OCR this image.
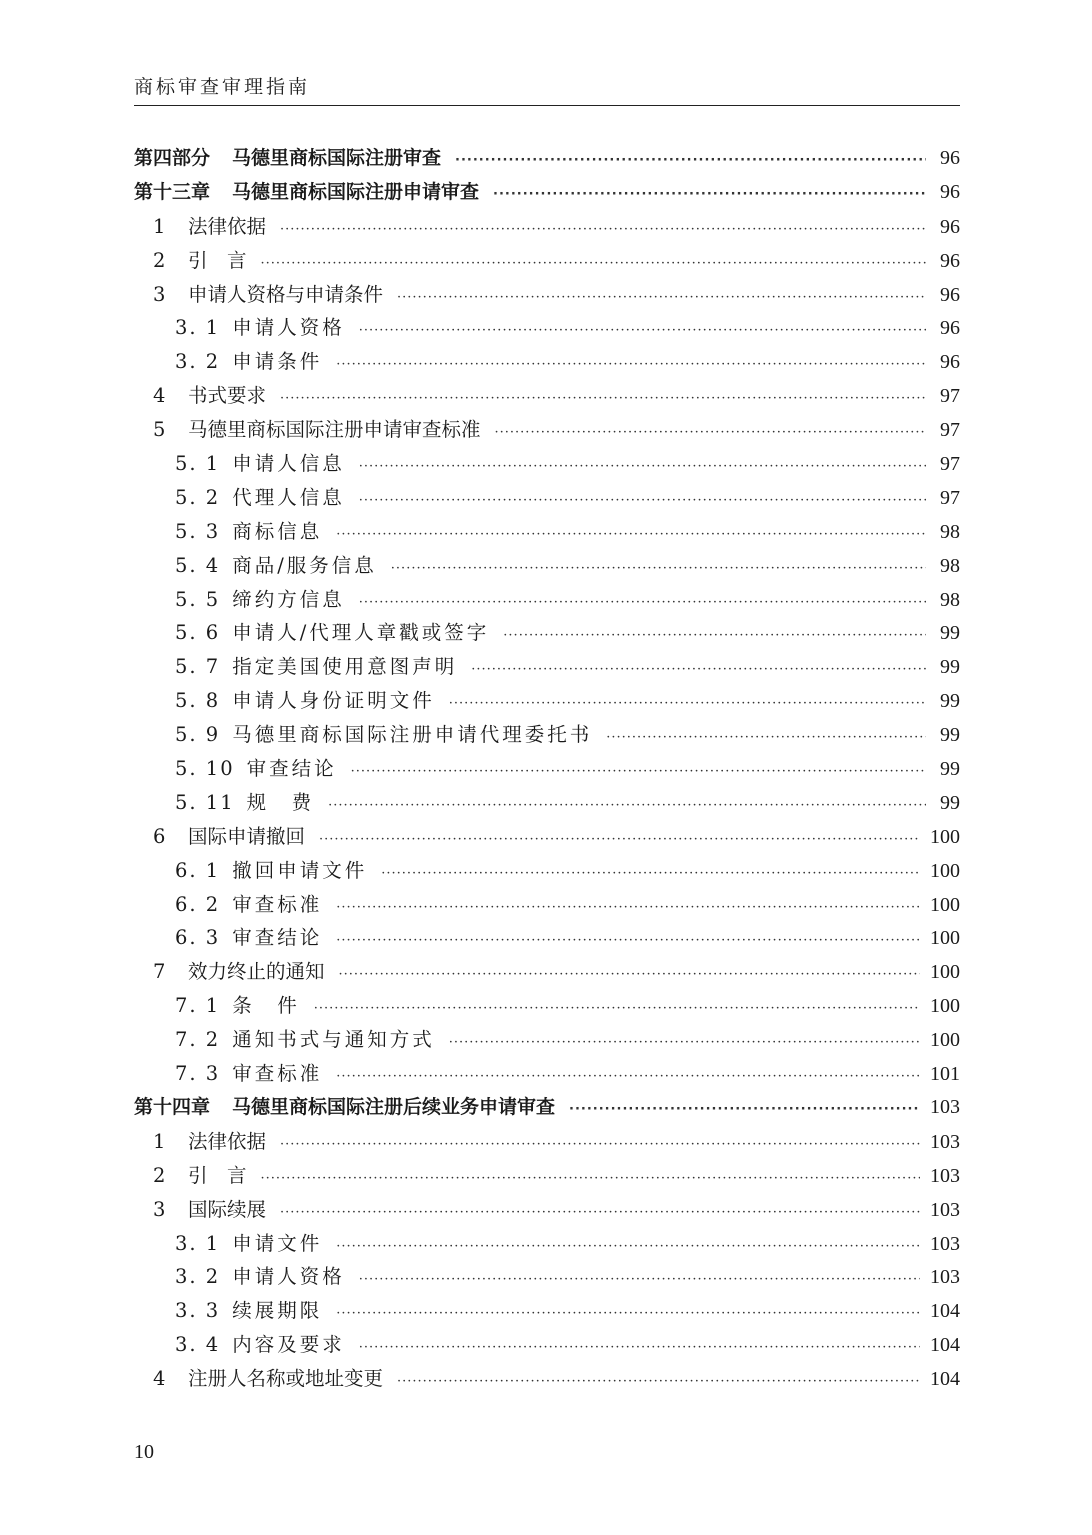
商标审查审理指南
第四部分	马德里商标国际注册审查 ·····	96
第十三章	马德里商标国际注册申请审查 ·····	96
1	法律依据 ·····	96
2	引　言 ·····	96
3	申请人资格与申请条件 ·····	96
3. 1 申请人资格 ·····	96
3. 2 申请条件 ·····	96
4	书式要求 ·····	97
5	马德里商标国际注册申请审查标准 ·····	97
5. 1 申请人信息 ·····	97
5. 2 代理人信息 ·····	97
5. 3 商标信息 ·····	98
5. 4 商品/服务信息 ·····	98
5. 5 缔约方信息 ·····	98
5. 6 申请人/代理人章戳或签字 ·····	99
5. 7 指定美国使用意图声明 ·····	99
5. 8 申请人身份证明文件 ·····	99
5. 9 马德里商标国际注册申请代理委托书 ·····	99
5. 10 审查结论 ·····	99
5. 11 规　费 ·····	99
6	国际申请撤回 ·····	100
6. 1 撤回申请文件 ·····	100
6. 2 审查标准 ·····	100
6. 3 审查结论 ·····	100
7	效力终止的通知 ·····	100
7. 1 条　件 ·····	100
7. 2 通知书式与通知方式 ·····	100
7. 3 审查标准 ·····	101
第十四章	马德里商标国际注册后续业务申请审查 ·····	103
1	法律依据 ·····	103
2	引　言 ·····	103
3	国际续展 ·····	103
3. 1 申请文件 ·····	103
3. 2 申请人资格 ·····	103
3. 3 续展期限 ·····	104
3. 4 内容及要求 ·····	104
4	注册人名称或地址变更 ·····	104
10
